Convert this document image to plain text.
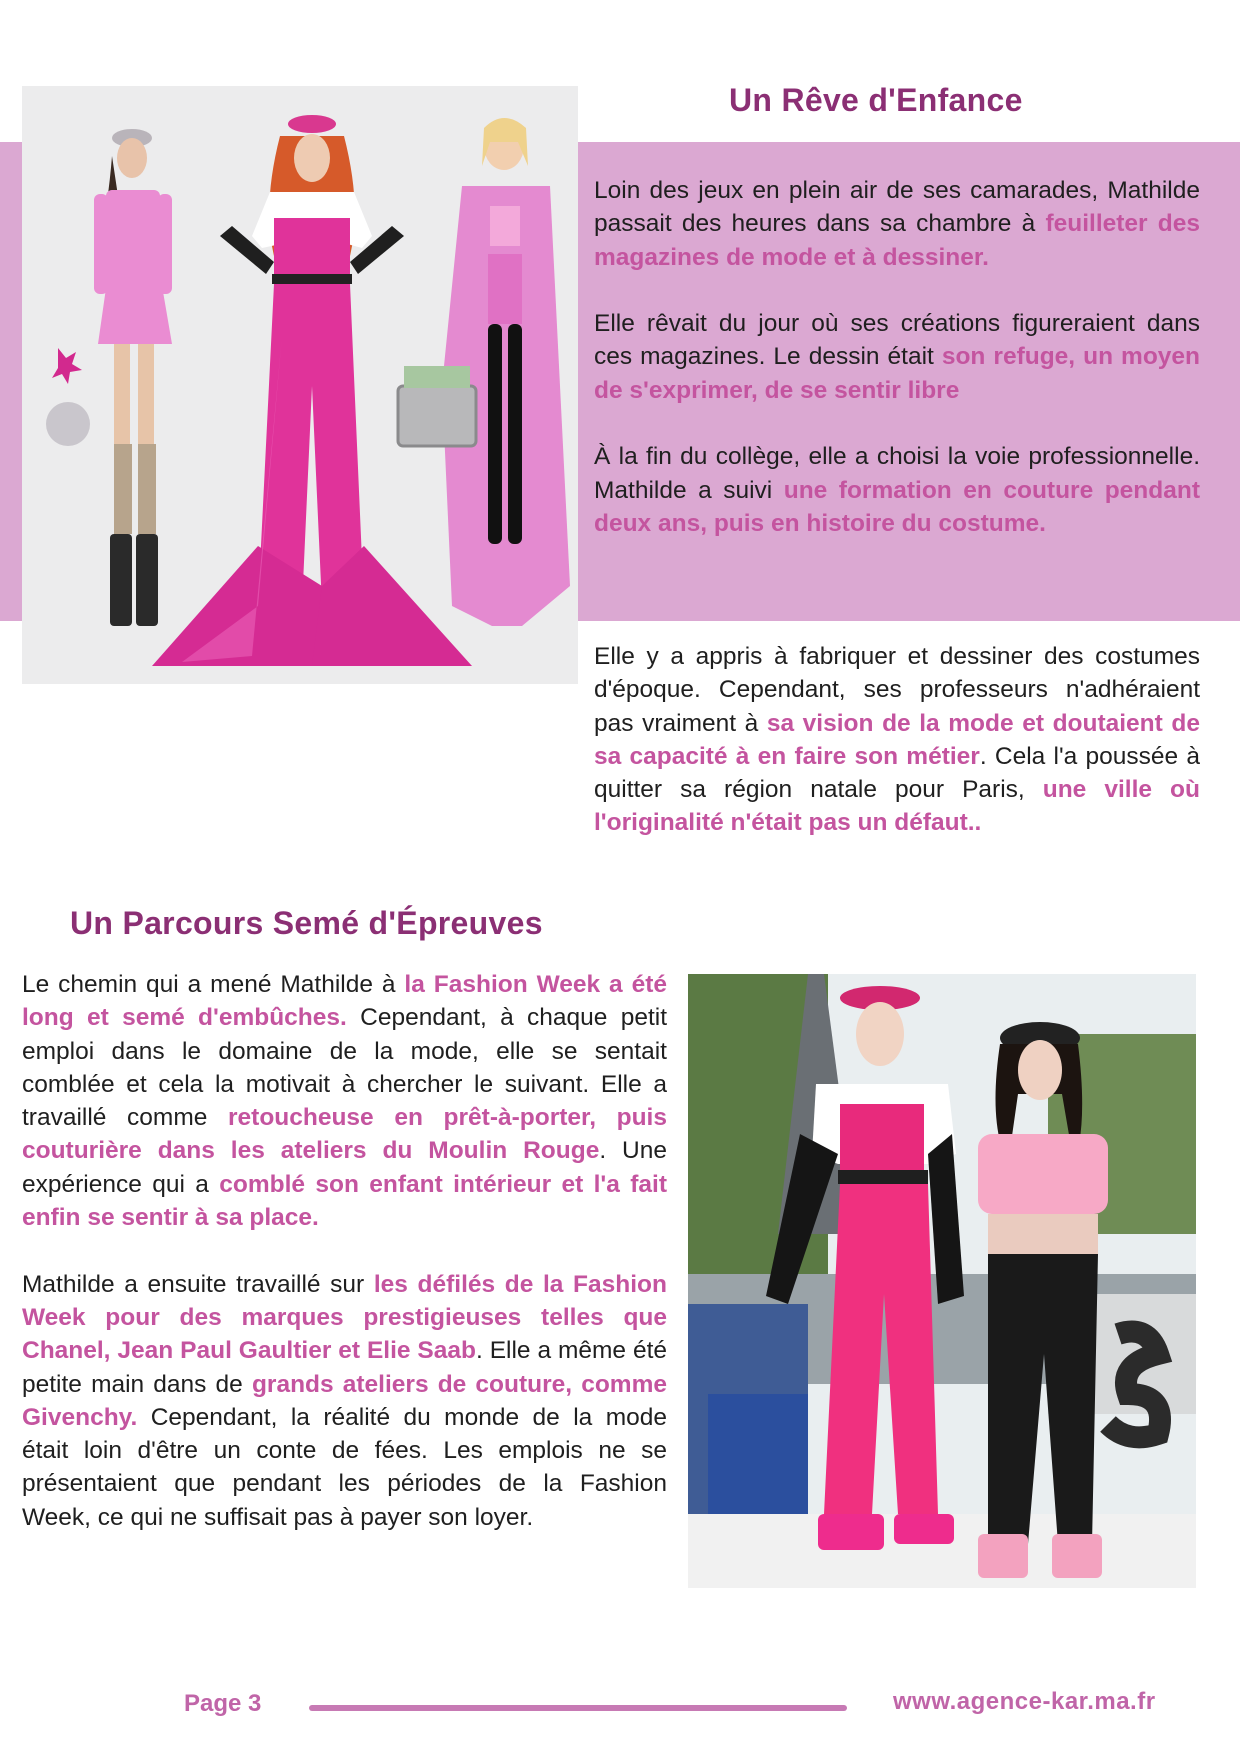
Un Rêve d'Enfance

Loin des jeux en plein air de ses camarades, Mathilde passait des heures dans sa chambre à feuilleter des magazines de mode et à dessiner.

Elle rêvait du jour où ses créations figureraient dans ces magazines. Le dessin était son refuge, un moyen de s'exprimer, de se sentir libre

À la fin du collège, elle a choisi la voie professionnelle. Mathilde a suivi une formation en couture pendant deux ans, puis en histoire du costume.

Elle y a appris à fabriquer et dessiner des costumes d'époque. Cependant, ses professeurs n'adhéraient pas vraiment à sa vision de la mode et doutaient de sa capacité à en faire son métier. Cela l'a poussée à quitter sa région natale pour Paris, une ville où l'originalité n'était pas un défaut..

Un Parcours Semé d'Épreuves

Le chemin qui a mené Mathilde à la Fashion Week a été long et semé d'embûches. Cependant, à chaque petit emploi dans le domaine de la mode, elle se sentait comblée et cela la motivait à chercher le suivant. Elle a travaillé comme retoucheuse en prêt-à-porter, puis couturière dans les ateliers du Moulin Rouge. Une expérience qui a comblé son enfant intérieur et l'a fait enfin se sentir à sa place.

Mathilde a ensuite travaillé sur les défilés de la Fashion Week pour des marques prestigieuses telles que Chanel, Jean Paul Gaultier et Elie Saab. Elle a même été petite main dans de grands ateliers de couture, comme Givenchy. Cependant, la réalité du monde de la mode était loin d'être un conte de fées. Les emplois ne se présentaient que pendant les périodes de la Fashion Week, ce qui ne suffisait pas à payer son loyer.

Page 3	www.agence-kar.ma.fr
